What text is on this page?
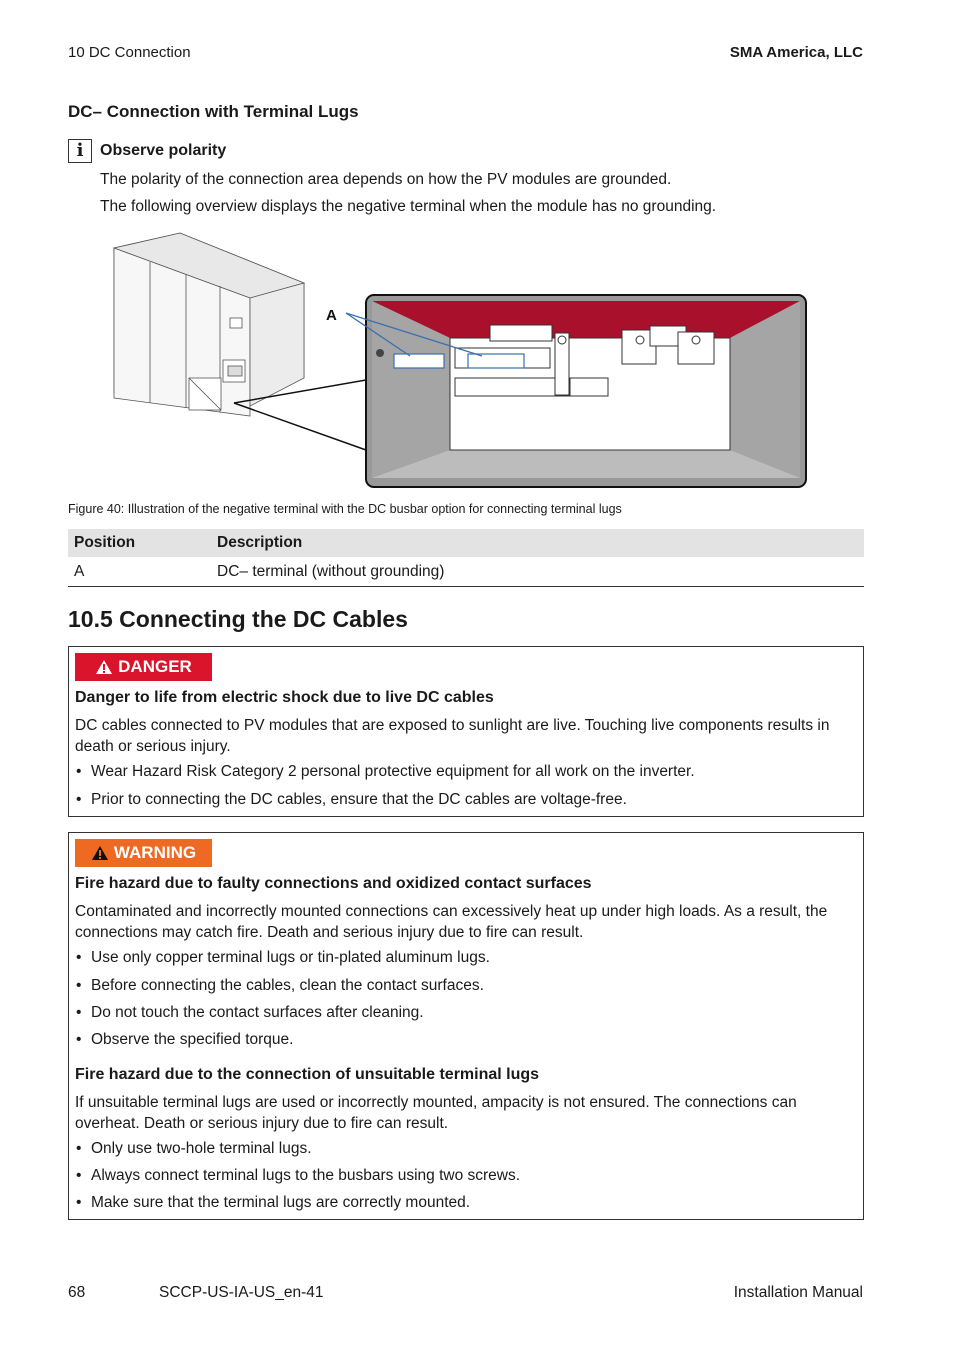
10 DC Connection	SMA America, LLC
DC– Connection with Terminal Lugs
i	Observe polarity
The polarity of the connection area depends on how the PV modules are grounded.
The following overview displays the negative terminal when the module has no grounding.
A
Figure 40: Illustration of the negative terminal with the DC busbar option for connecting terminal lugs
Position	Description
A	DC– terminal (without grounding)
10.5 Connecting the DC Cables
DANGER
Danger to life from electric shock due to live DC cables
DC cables connected to PV modules that are exposed to sunlight are live. Touching live components results in death or serious injury.
• Wear Hazard Risk Category 2 personal protective equipment for all work on the inverter.
• Prior to connecting the DC cables, ensure that the DC cables are voltage-free.
WARNING
Fire hazard due to faulty connections and oxidized contact surfaces
Contaminated and incorrectly mounted connections can excessively heat up under high loads. As a result, the connections may catch fire. Death and serious injury due to fire can result.
• Use only copper terminal lugs or tin-plated aluminum lugs.
• Before connecting the cables, clean the contact surfaces.
• Do not touch the contact surfaces after cleaning.
• Observe the specified torque.
Fire hazard due to the connection of unsuitable terminal lugs
If unsuitable terminal lugs are used or incorrectly mounted, ampacity is not ensured. The connections can overheat. Death or serious injury due to fire can result.
• Only use two-hole terminal lugs.
• Always connect terminal lugs to the busbars using two screws.
• Make sure that the terminal lugs are correctly mounted.
68	SCCP-US-IA-US_en-41	Installation Manual
